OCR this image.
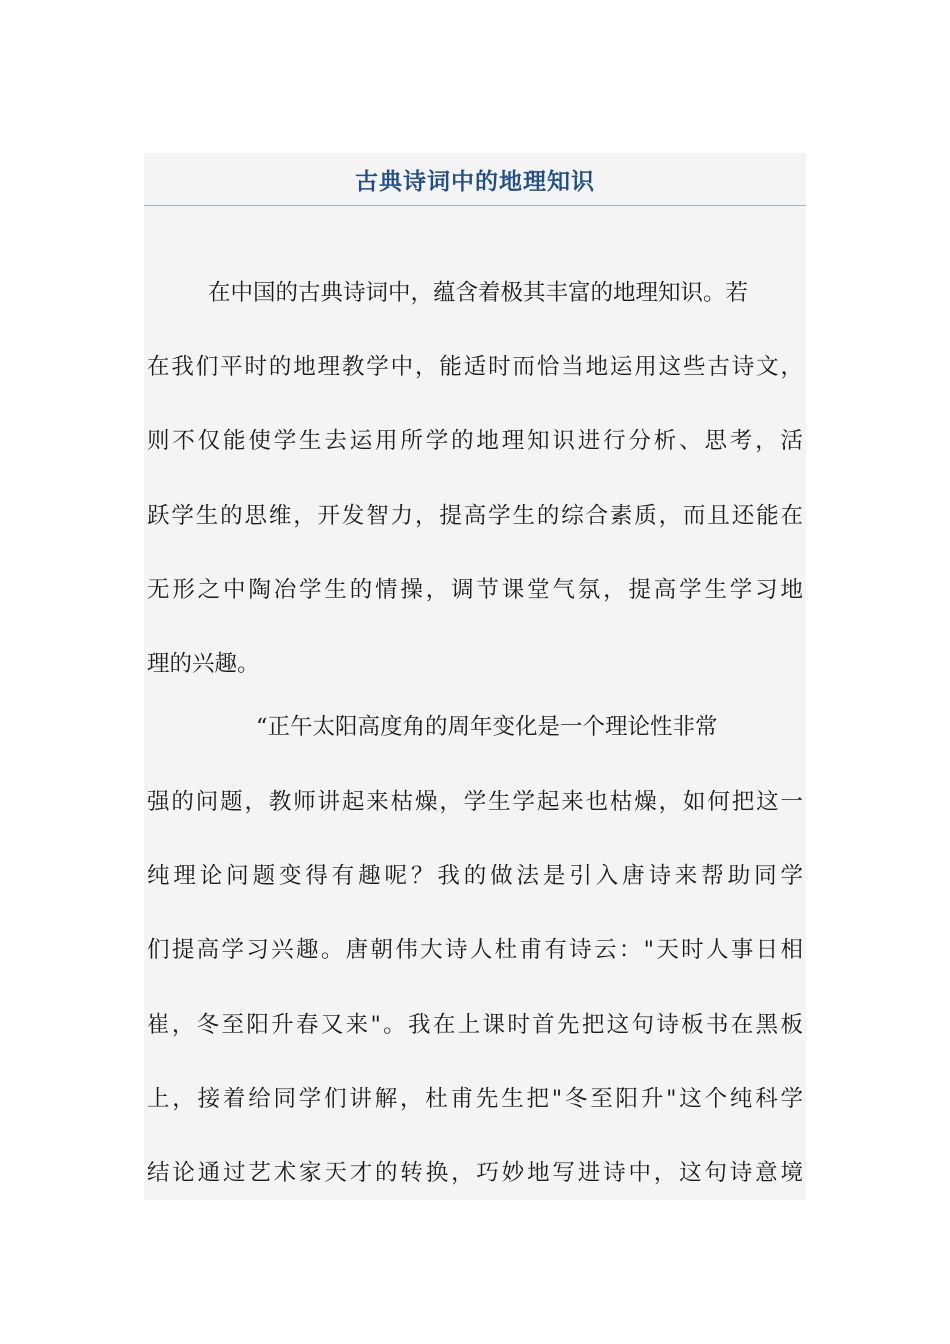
古典诗词中的地理知识
在中国的古典诗词中，蕴含着极其丰富的地理知识。若
在我们平时的地理教学中，能适时而恰当地运用这些古诗文，
则不仅能使学生去运用所学的地理知识进行分析、思考，活
跃学生的思维，开发智力，提高学生的综合素质，而且还能在
无形之中陶冶学生的情操，调节课堂气氛，提高学生学习地
理的兴趣。
“正午太阳高度角的周年变化是一个理论性非常
强的问题，教师讲起来枯燥，学生学起来也枯燥，如何把这一
纯理论问题变得有趣呢？我的做法是引入唐诗来帮助同学
们提高学习兴趣。唐朝伟大诗人杜甫有诗云："天时人事日相
崔，冬至阳升春又来"。我在上课时首先把这句诗板书在黑板
上，接着给同学们讲解，杜甫先生把"冬至阳升"这个纯科学
结论通过艺术家天才的转换，巧妙地写进诗中，这句诗意境
